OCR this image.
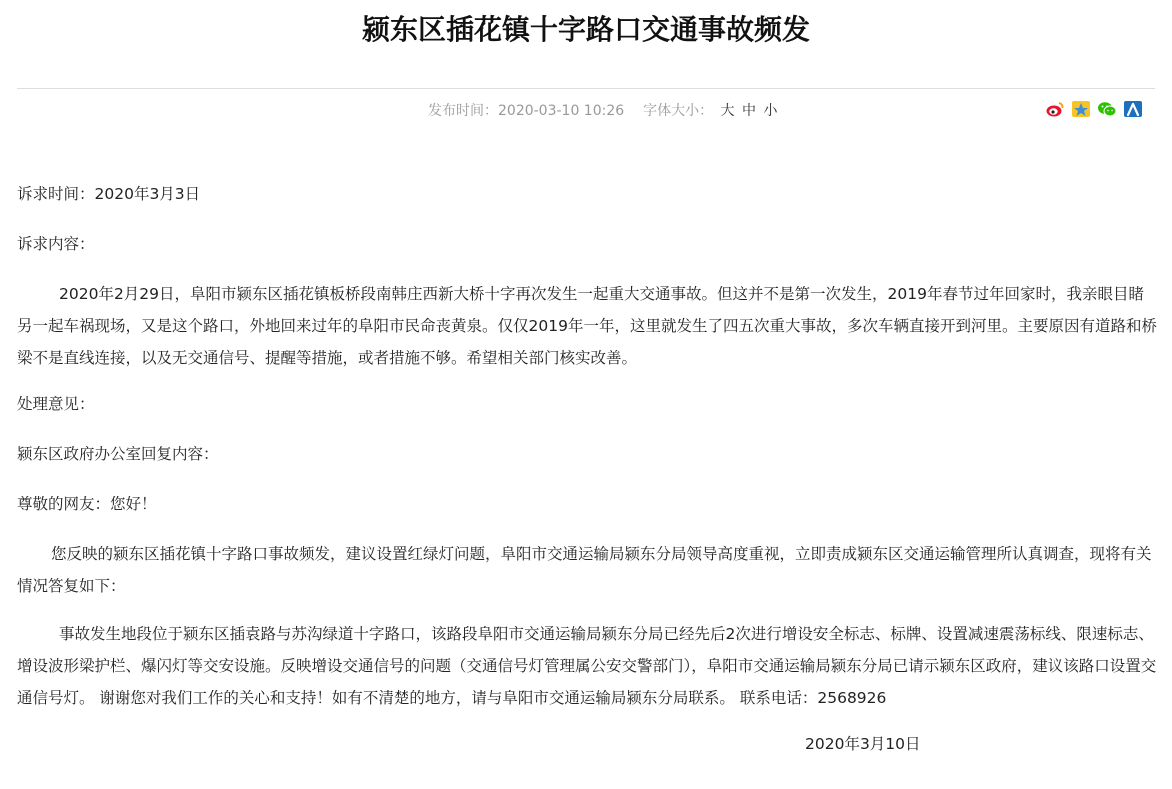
颍东区插花镇十字路口交通事故频发
发布时间：2020-03-10 10:26 字体大小： 大 中 小

诉求时间：2020年3月3日

诉求内容：

2020年2月29日，阜阳市颍东区插花镇板桥段南韩庄西新大桥十字再次发生一起重大交通事故。但这并不是第一次发生，2019年春节过年回家时，我亲眼目睹另一起车祸现场，又是这个路口，外地回来过年的阜阳市民命丧黄泉。仅仅2019年一年，这里就发生了四五次重大事故，多次车辆直接开到河里。主要原因有道路和桥梁不是直线连接，以及无交通信号、提醒等措施，或者措施不够。希望相关部门核实改善。

处理意见：

颍东区政府办公室回复内容：

尊敬的网友：您好！

您反映的颍东区插花镇十字路口事故频发，建议设置红绿灯问题，阜阳市交通运输局颍东分局领导高度重视，立即责成颍东区交通运输管理所认真调查，现将有关情况答复如下：

事故发生地段位于颍东区插袁路与苏沟绿道十字路口，该路段阜阳市交通运输局颍东分局已经先后2次进行增设安全标志、标牌、设置减速震荡标线、限速标志、增设波形梁护栏、爆闪灯等交安设施。反映增设交通信号的问题（交通信号灯管理属公安交警部门），阜阳市交通运输局颍东分局已请示颍东区政府，建议该路口设置交通信号灯。 谢谢您对我们工作的关心和支持！如有不清楚的地方，请与阜阳市交通运输局颍东分局联系。 联系电话：2568926

2020年3月10日
